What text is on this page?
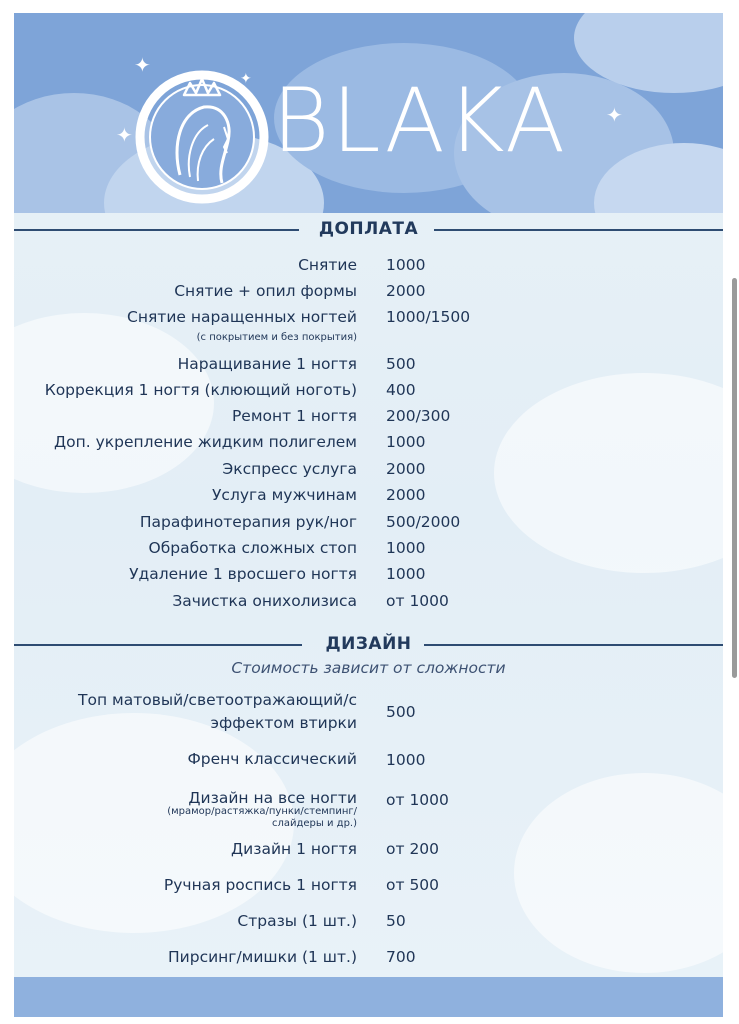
BLAKA
✦
✦
✦
✦
ДОПЛАТА
Снятие 1000
Снятие + опил формы 2000
Снятие наращенных ногтей 1000/1500
(с покрытием и без покрытия)
Наращивание 1 ногтя 500
Коррекция 1 ногтя (клюющий ноготь) 400
Ремонт 1 ногтя 200/300
Доп. укрепление жидким полигелем 1000
Экспресс услуга 2000
Услуга мужчинам 2000
Парафинотерапия рук/ног 500/2000
Обработка сложных стоп 1000
Удаление 1 вросшего ногтя 1000
Зачистка онихолизиса от 1000
ДИЗАЙН
Стоимость зависит от сложности
Топ матовый/светоотражающий/с
эффектом втирки
500
Френч классический 1000
Дизайн на все ногти
(мрамор/растяжка/пунки/стемпинг/
слайдеры и др.)
от 1000
Дизайн 1 ногтя от 200
Ручная роспись 1 ногтя от 500
Стразы (1 шт.) 50
Пирсинг/мишки (1 шт.) 700
